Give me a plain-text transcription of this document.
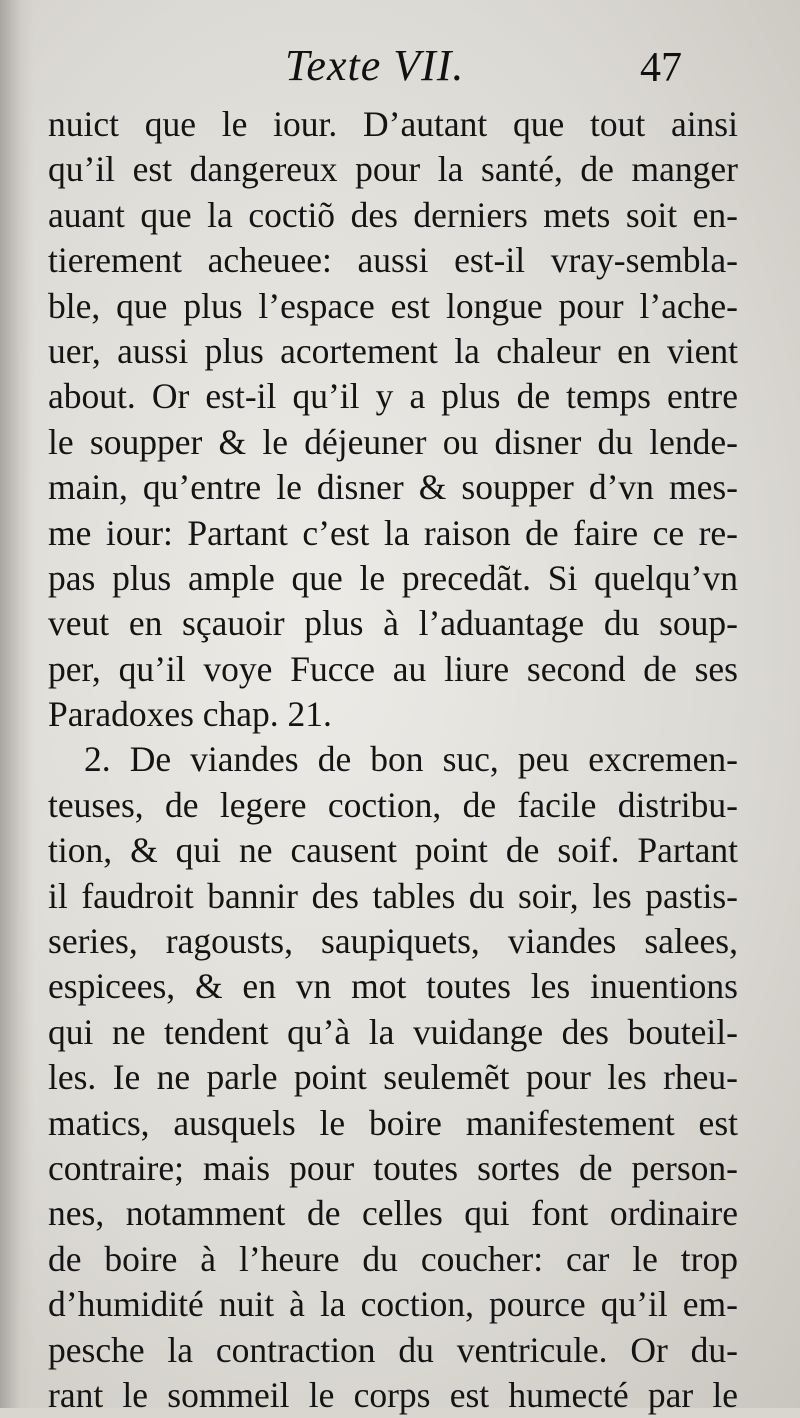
Texte VII.	47
nuict que le iour. D’autant que tout ainsi
qu’il est dangereux pour la santé, de manger
auant que la coctiõ des derniers mets soit en-
tierement acheuee: aussi est-il vray-sembla-
ble, que plus l’espace est longue pour l’ache-
uer, aussi plus acortement la chaleur en vient
about. Or est-il qu’il y a plus de temps entre
le soupper & le déjeuner ou disner du lende-
main, qu’entre le disner & soupper d’vn mes-
me iour: Partant c’est la raison de faire ce re-
pas plus ample que le precedãt. Si quelqu’vn
veut en sçauoir plus à l’aduantage du soup-
per, qu’il voye Fucce au liure second de ses
Paradoxes chap. 21.
2. De viandes de bon suc, peu excremen-
teuses, de legere coction, de facile distribu-
tion, & qui ne causent point de soif. Partant
il faudroit bannir des tables du soir, les pastis-
series, ragousts, saupiquets, viandes salees,
espicees, & en vn mot toutes les inuentions
qui ne tendent qu’à la vuidange des bouteil-
les. Ie ne parle point seulemẽt pour les rheu-
matics, ausquels le boire manifestement est
contraire; mais pour toutes sortes de person-
nes, notamment de celles qui font ordinaire
de boire à l’heure du coucher: car le trop
d’humidité nuit à la coction, pource qu’il em-
pesche la contraction du ventricule. Or du-
rant le sommeil le corps est humecté par le
